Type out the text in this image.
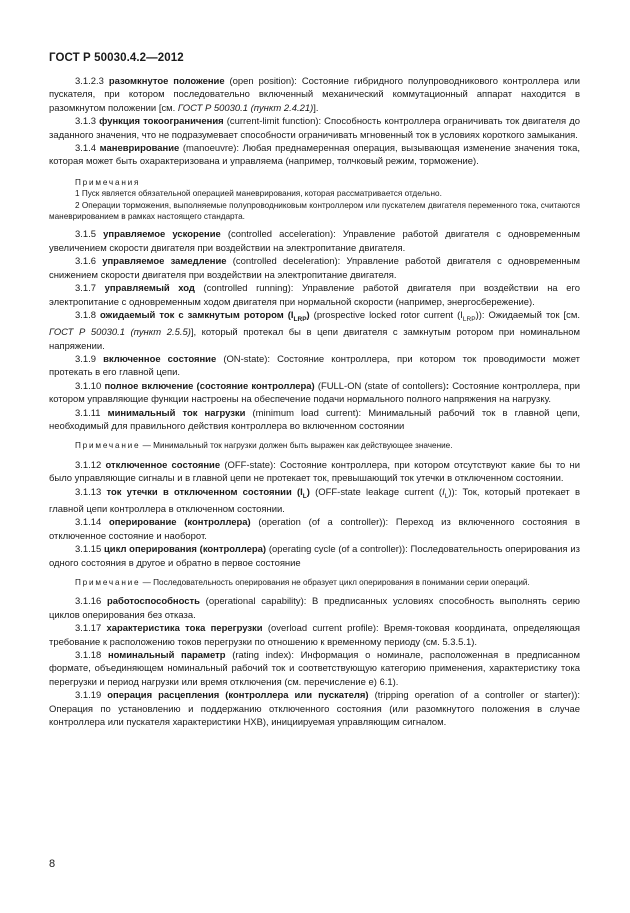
ГОСТ Р 50030.4.2—2012

3.1.2.3 разомкнутое положение (open position): Состояние гибридного полупроводникового контроллера или пускателя, при котором последовательно включенный механический коммутационный аппарат находится в разомкнутом положении [см. ГОСТ Р 50030.1 (пункт 2.4.21)].

3.1.3 функция токоограничения (current-limit function): Способность контроллера ограничивать ток двигателя до заданного значения, что не подразумевает способности ограничивать мгновенный ток в условиях короткого замыкания.

3.1.4 маневрирование (manoeuvre): Любая преднамеренная операция, вызывающая изменение значения тока, которая может быть охарактеризована и управляема (например, толчковый режим, торможение).

Примечания

1 Пуск является обязательной операцией маневрирования, которая рассматривается отдельно.

2 Операции торможения, выполняемые полупроводниковым контроллером или пускателем двигателя переменного тока, считаются маневрированием в рамках настоящего стандарта.

3.1.5 управляемое ускорение (controlled acceleration): Управление работой двигателя с одновременным увеличением скорости двигателя при воздействии на электропитание двигателя.

3.1.6 управляемое замедление (controlled deceleration): Управление работой двигателя с одновременным снижением скорости двигателя при воздействии на электропитание двигателя.

3.1.7 управляемый ход (controlled running): Управление работой двигателя при воздействии на его электропитание с одновременным ходом двигателя при нормальной скорости (например, энергосбережение).

3.1.8 ожидаемый ток с замкнутым ротором $(I_{LRP})$ (prospective locked rotor current $(I_{LRP})$): Ожидаемый ток [см. ГОСТ Р 50030.1 (пункт 2.5.5)], который протекал бы в цепи двигателя с замкнутым ротором при номинальном напряжении.

3.1.9 включенное состояние (ON-state): Состояние контроллера, при котором ток проводимости может протекать в его главной цепи.

3.1.10 полное включение (состояние контроллера) (FULL-ON (state of contollers): Состояние контроллера, при котором управляющие функции настроены на обеспечение подачи нормального полного напряжения на нагрузку.

3.1.11 минимальный ток нагрузки (minimum load current): Минимальный рабочий ток в главной цепи, необходимый для правильного действия контроллера во включенном состоянии

Примечание — Минимальный ток нагрузки должен быть выражен как действующее значение.

3.1.12 отключенное состояние (OFF-state): Состояние контроллера, при котором отсутствуют какие бы то ни было управляющие сигналы и в главной цепи не протекает ток, превышающий ток утечки в отключенном состоянии.

3.1.13 ток утечки в отключенном состоянии $(I_L)$ (OFF-state leakage current $(I_L)$): Ток, который протекает в главной цепи контроллера в отключенном состоянии.

3.1.14 оперирование (контроллера) (operation (of a controller)): Переход из включенного состояния в отключенное состояние и наоборот.

3.1.15 цикл оперирования (контроллера) (operating cycle (of a controller)): Последовательность оперирования из одного состояния в другое и обратно в первое состояние

Примечание — Последовательность оперирования не образует цикл оперирования в понимании серии операций.

3.1.16 работоспособность (operational capability): В предписанных условиях способность выполнять серию циклов оперирования без отказа.

3.1.17 характеристика тока перегрузки (overload current profile): Время-токовая координата, определяющая требование к расположению токов перегрузки по отношению к временному периоду (см. 5.3.5.1).

3.1.18 номинальный параметр (rating index): Информация о номинале, расположенная в предписанном формате, объединяющем номинальный рабочий ток и соответствующую категорию применения, характеристику тока перегрузки и период нагрузки или время отключения (см. перечисление е) 6.1).

3.1.19 операция расцепления (контроллера или пускателя) (tripping operation of a controller or starter)): Операция по установлению и поддержанию отключенного состояния (или разомкнутого положения в случае контроллера или пускателя характеристики НХВ), инициируемая управляющим сигналом.

8
